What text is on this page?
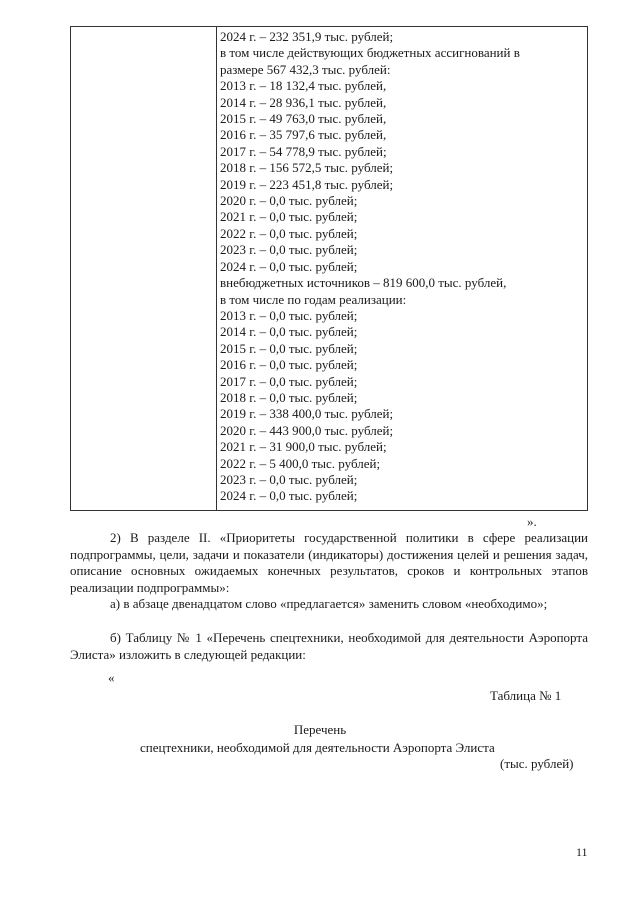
2024 г. – 232 351,9 тыс. рублей;
в том числе действующих бюджетных ассигнований в
размере 567 432,3 тыс. рублей:
2013 г. – 18 132,4 тыс. рублей,
2014 г. – 28 936,1 тыс. рублей,
2015 г. – 49 763,0 тыс. рублей,
2016 г. – 35 797,6 тыс. рублей,
2017 г. – 54 778,9 тыс. рублей;
2018 г. – 156 572,5 тыс. рублей;
2019 г. – 223 451,8 тыс. рублей;
2020 г. – 0,0 тыс. рублей;
2021 г. – 0,0 тыс. рублей;
2022 г. – 0,0 тыс. рублей;
2023 г. – 0,0 тыс. рублей;
2024 г. – 0,0 тыс. рублей;
внебюджетных источников – 819 600,0 тыс. рублей,
в том числе по годам реализации:
2013 г. – 0,0 тыс. рублей;
2014 г. – 0,0 тыс. рублей;
2015 г. – 0,0 тыс. рублей;
2016 г. – 0,0 тыс. рублей;
2017 г. – 0,0 тыс. рублей;
2018 г. – 0,0 тыс. рублей;
2019 г. – 338 400,0 тыс. рублей;
2020 г. – 443 900,0 тыс. рублей;
2021 г. – 31 900,0 тыс. рублей;
2022 г. – 5 400,0 тыс. рублей;
2023 г. – 0,0 тыс. рублей;
2024 г. – 0,0 тыс. рублей;
».
2) В разделе II. «Приоритеты государственной политики в сфере реализации подпрограммы, цели, задачи и показатели (индикаторы) достижения целей и решения задач, описание основных ожидаемых конечных результатов, сроков и контрольных этапов реализации подпрограммы»:
а) в абзаце двенадцатом слово «предлагается» заменить словом «необходимо»;
б) Таблицу № 1 «Перечень спецтехники, необходимой для деятельности Аэропорта Элиста» изложить в следующей редакции:
«
Таблица № 1
Перечень
спецтехники, необходимой для деятельности Аэропорта Элиста
(тыс. рублей)
11
